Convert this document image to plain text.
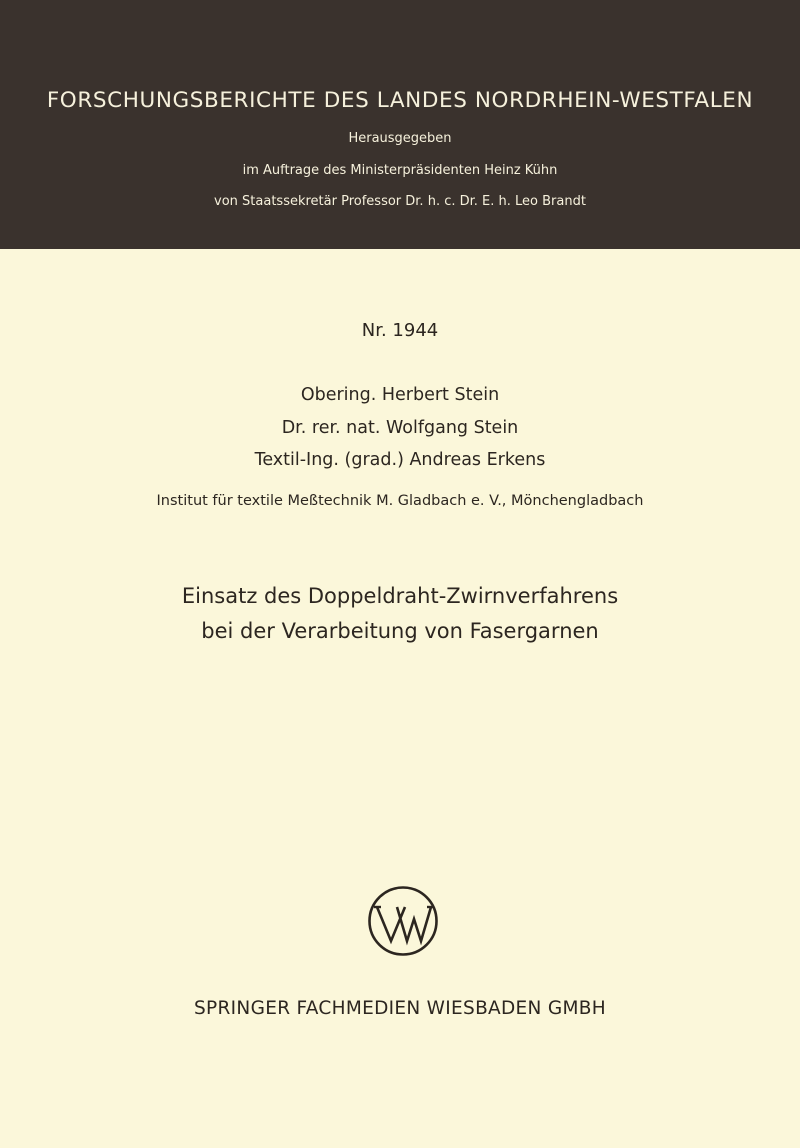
FORSCHUNGSBERICHTE DES LANDES NORDRHEIN-WESTFALEN
Herausgegeben
im Auftrage des Ministerpräsidenten Heinz Kühn
von Staatssekretär Professor Dr. h. c. Dr. E. h. Leo Brandt
Nr. 1944
Obering. Herbert Stein
Dr. rer. nat. Wolfgang Stein
Textil-Ing. (grad.) Andreas Erkens
Institut für textile Meßtechnik M. Gladbach e. V., Mönchengladbach
Einsatz des Doppeldraht-Zwirnverfahrens
bei der Verarbeitung von Fasergarnen
SPRINGER FACHMEDIEN WIESBADEN GMBH
